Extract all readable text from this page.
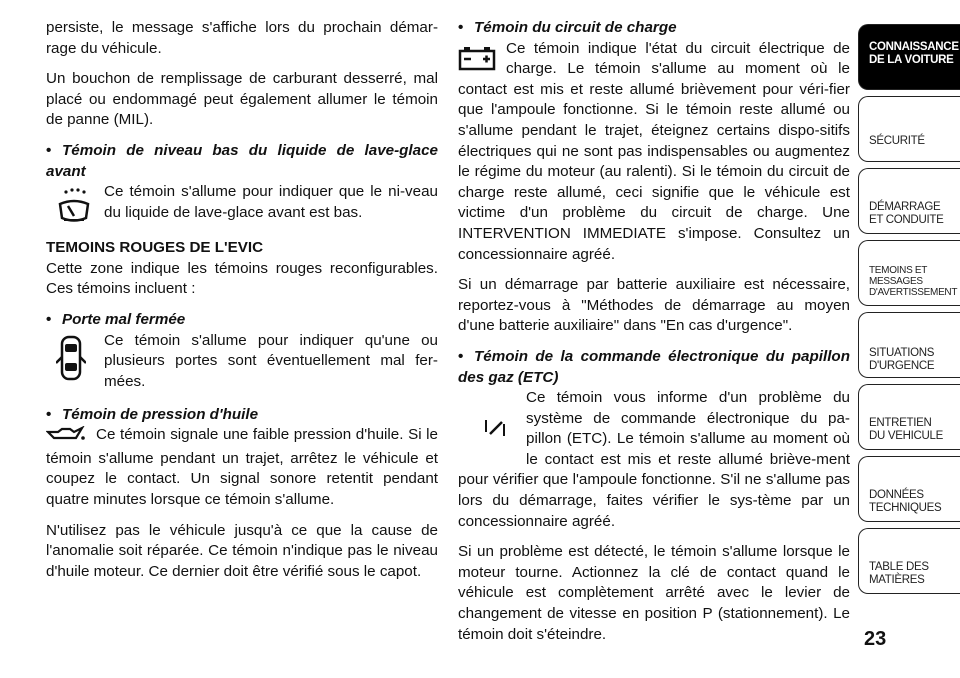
persiste, le message s'affiche lors du prochain démar-rage du véhicule.

Un bouchon de remplissage de carburant desserré, mal placé ou endommagé peut également allumer le témoin de panne (MIL).

• Témoin de niveau bas du liquide de lave-glace avant
Ce témoin s'allume pour indiquer que le ni-veau du liquide de lave-glace avant est bas.
TEMOINS ROUGES DE L'EVIC

Cette zone indique les témoins rouges reconfigurables. Ces témoins incluent :

• Porte mal fermée
Ce témoin s'allume pour indiquer qu'une ou plusieurs portes sont éventuellement mal fer-mées.
• Témoin de pression d'huile
Ce témoin signale une faible pression d'huile. Si le témoin s'allume pendant un trajet, arrêtez le véhicule et coupez le contact. Un signal sonore retentit pendant quatre minutes lorsque ce témoin s'allume.

N'utilisez pas le véhicule jusqu'à ce que la cause de l'anomalie soit réparée. Ce témoin n'indique pas le niveau d'huile moteur. Ce dernier doit être vérifié sous le capot.

• Témoin du circuit de charge
Ce témoin indique l'état du circuit électrique de charge. Le témoin s'allume au moment où le contact est mis et reste allumé brièvement pour véri-fier que l'ampoule fonctionne. Si le témoin reste allumé ou s'allume pendant le trajet, éteignez certains dispo-sitifs électriques qui ne sont pas indispensables ou augmentez le régime du moteur (au ralenti). Si le témoin du circuit de charge reste allumé, ceci signifie que le véhicule est victime d'un problème du circuit de charge. Une INTERVENTION IMMEDIATE s'impose. Consultez un concessionnaire agréé.

Si un démarrage par batterie auxiliaire est nécessaire, reportez-vous à "Méthodes de démarrage au moyen d'une batterie auxiliaire" dans "En cas d'urgence".

• Témoin de la commande électronique du papillon des gaz (ETC)
Ce témoin vous informe d'un problème du système de commande électronique du pa-pillon (ETC). Le témoin s'allume au moment où le contact est mis et reste allumé briève-ment pour vérifier que l'ampoule fonctionne. S'il ne s'allume pas lors du démarrage, faites vérifier le sys-tème par un concessionnaire agréé.

Si un problème est détecté, le témoin s'allume lorsque le moteur tourne. Actionnez la clé de contact quand le véhicule est complètement arrêté avec le levier de changement de vitesse en position P (stationnement). Le témoin doit s'éteindre.

CONNAISSANCE
DE LA VOITURE
SÉCURITÉ
DÉMARRAGE
ET CONDUITE
TEMOINS ET
MESSAGES
D'AVERTISSEMENT
SITUATIONS
D'URGENCE
ENTRETIEN
DU VEHICULE
DONNÉES
TECHNIQUES
TABLE DES
MATIÈRES
23
